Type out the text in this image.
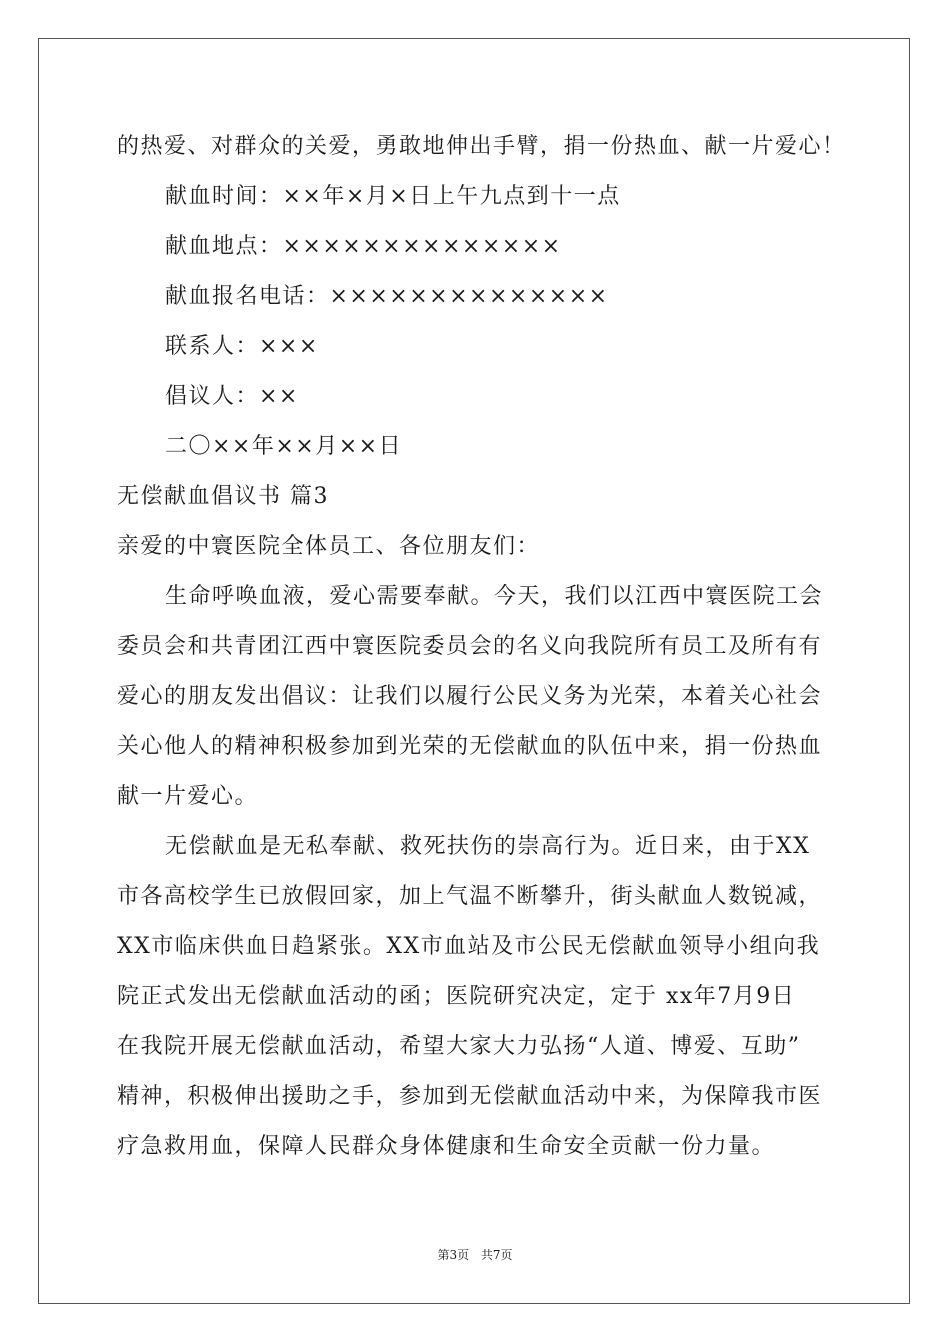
的热爱、对群众的关爱，勇敢地伸出手臂，捐一份热血、献一片爱心！
献血时间：××年×月×日上午九点到十一点
献血地点：××××××××××××××
献血报名电话：××××××××××××××
联系人：×××
倡议人：××
二〇××年××月××日
无偿献血倡议书 篇3
亲爱的中寰医院全体员工、各位朋友们：
生命呼唤血液，爱心需要奉献。今天，我们以江西中寰医院工会
委员会和共青团江西中寰医院委员会的名义向我院所有员工及所有有
爱心的朋友发出倡议：让我们以履行公民义务为光荣，本着关心社会
关心他人的精神积极参加到光荣的无偿献血的队伍中来，捐一份热血
献一片爱心。
无偿献血是无私奉献、救死扶伤的崇高行为。近日来，由于XX
市各高校学生已放假回家，加上气温不断攀升，街头献血人数锐减，
XX市临床供血日趋紧张。XX市血站及市公民无偿献血领导小组向我
院正式发出无偿献血活动的函；医院研究决定，定于 xx年7月9日
在我院开展无偿献血活动，希望大家大力弘扬“人道、博爱、互助”
精神，积极伸出援助之手，参加到无偿献血活动中来，为保障我市医
疗急救用血，保障人民群众身体健康和生命安全贡献一份力量。
第3页 共7页
